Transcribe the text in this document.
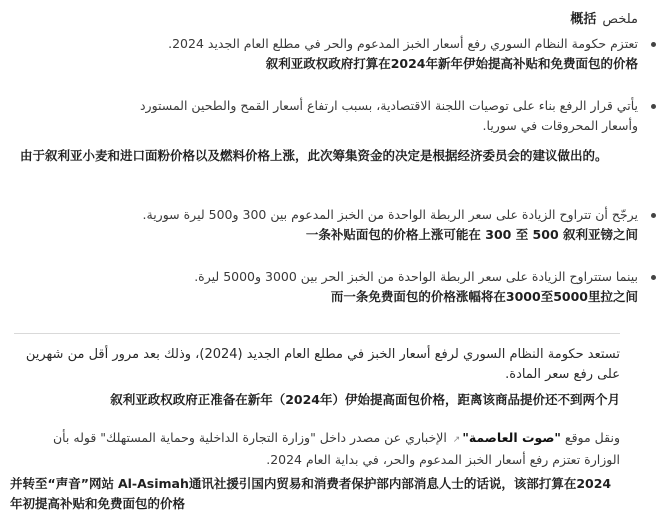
概括 ملخص
تعتزم حكومة النظام السوري رفع أسعار الخبز المدعوم والحر في مطلع العام الجديد 2024.
叙利亚政权政府打算在2024年新年伊始提高补贴和免费面包的价格
يأتي قرار الرفع بناء على توصيات اللجنة الاقتصادية، بسبب ارتفاع أسعار القمح والطحين المستورد وأسعار المحروقات في سوريا.
由于叙利亚小麦和进口面粉价格以及燃料价格上涨，此次筹集资金的决定是根据经济委员会的建议做出的。
يرجّح أن تتراوح الزيادة على سعر الربطة الواحدة من الخبز المدعوم بين 300 و500 ليرة سورية.
一条补贴面包的价格上涨可能在 300 至 500 叙利亚镑之间
بينما ستتراوح الزيادة على سعر الربطة الواحدة من الخبز الحر بين 3000 و5000 ليرة.
而一条免费面包的价格涨幅将在3000至5000里拉之间
تستعد حكومة النظام السوري لرفع أسعار الخبز في مطلع العام الجديد (2024)، وذلك بعد مرور أقل من شهرين على رفع سعر المادة.
叙利亚政权政府正准备在新年（2024年）伊始提高面包价格，距离该商品提价还不到两个月
ونقل موقع "صوت العاصمة"↗ الإخباري عن مصدر داخل "وزارة التجارة الداخلية وحماية المستهلك" قوله بأن الوزارة تعتزم رفع أسعار الخبز المدعوم والحر، في بداية العام 2024.
并转至“声音”网站 Al-Asimah通讯社援引国内贸易和消费者保护部内部消息人士的话说，该部打算在2024年初提高补贴和免费面包的价格
